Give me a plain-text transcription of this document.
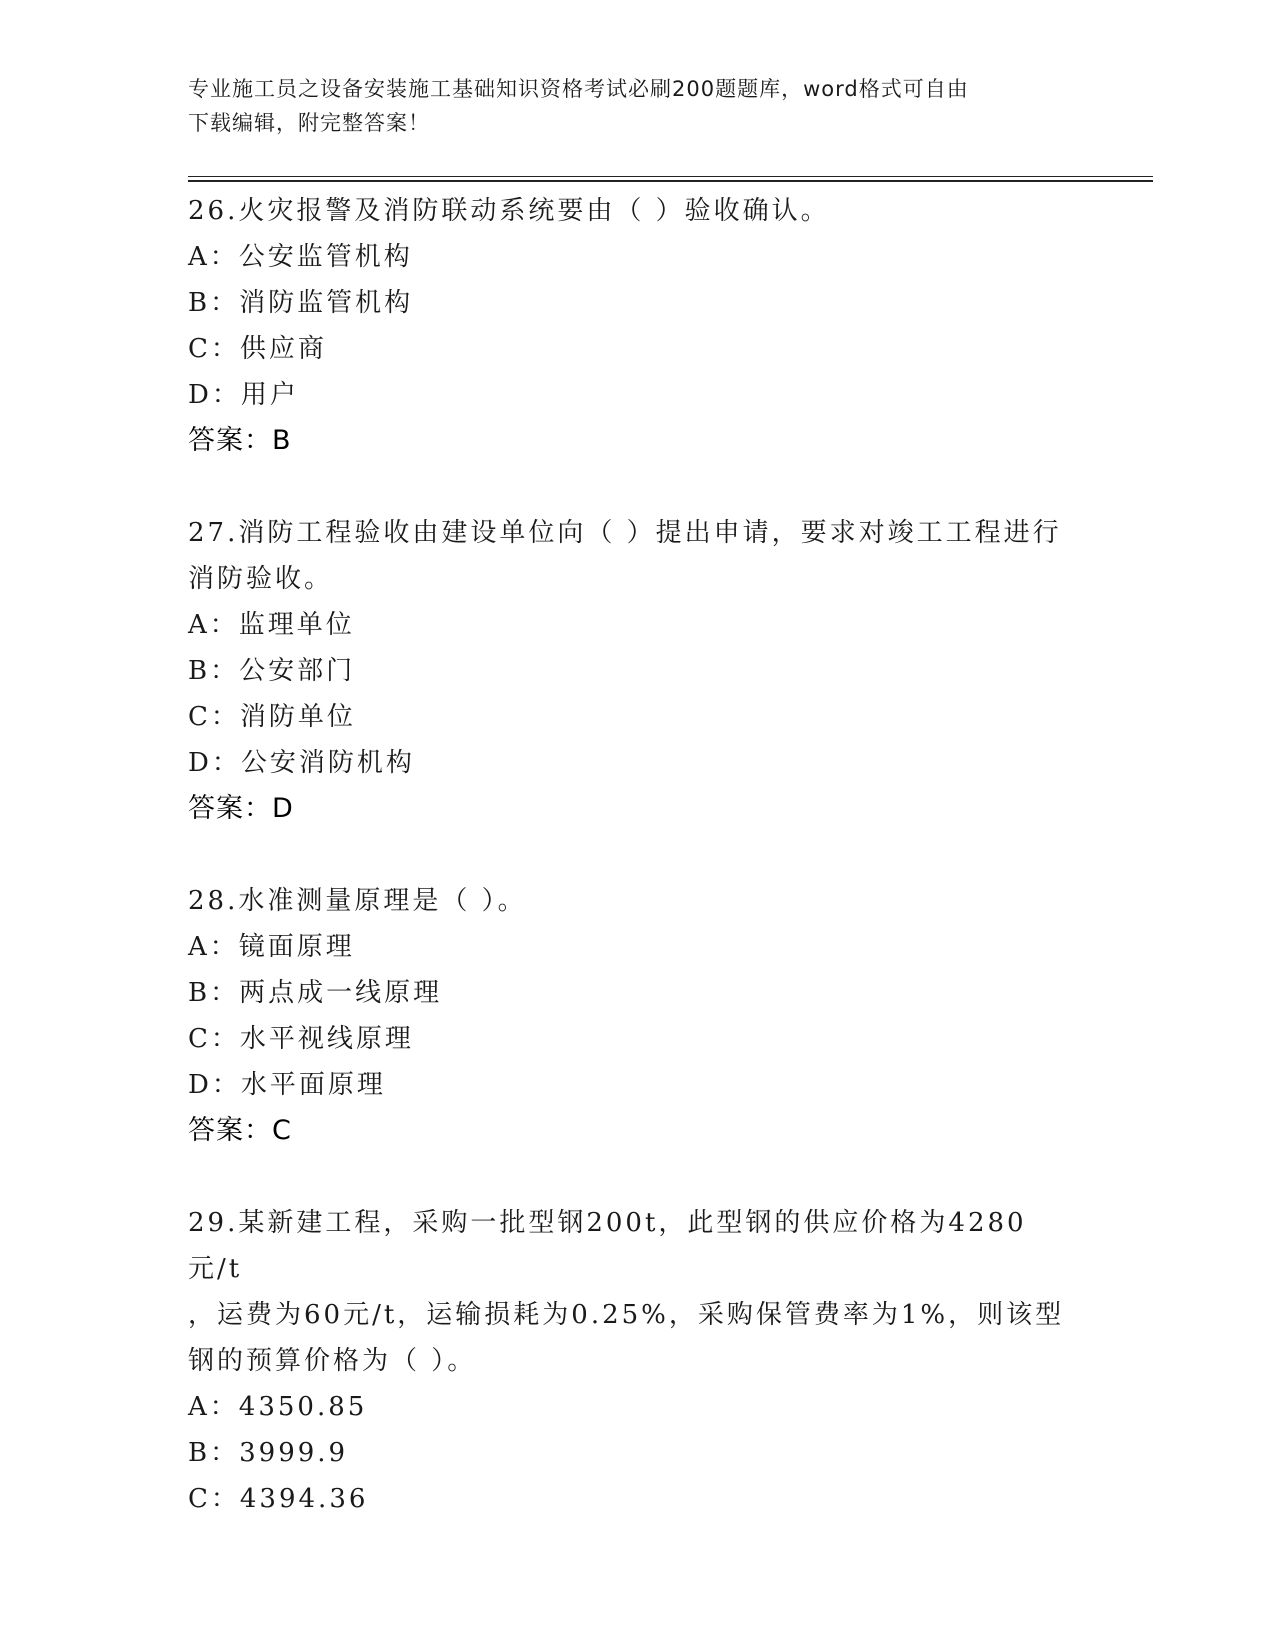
专业施工员之设备安装施工基础知识资格考试必刷200题题库，word格式可自由
下载编辑，附完整答案！
26.火灾报警及消防联动系统要由（ ）验收确认。
A：公安监管机构
B：消防监管机构
C：供应商
D：用户
答案：B
27.消防工程验收由建设单位向（ ）提出申请，要求对竣工工程进行
消防验收。
A：监理单位
B：公安部门
C：消防单位
D：公安消防机构
答案：D
28.水准测量原理是（ ）。
A：镜面原理
B：两点成一线原理
C：水平视线原理
D：水平面原理
答案：C
29.某新建工程，采购一批型钢200t，此型钢的供应价格为4280元/t
，运费为60元/t，运输损耗为0.25%，采购保管费率为1%，则该型
钢的预算价格为（ ）。
A：4350.85
B：3999.9
C：4394.36
